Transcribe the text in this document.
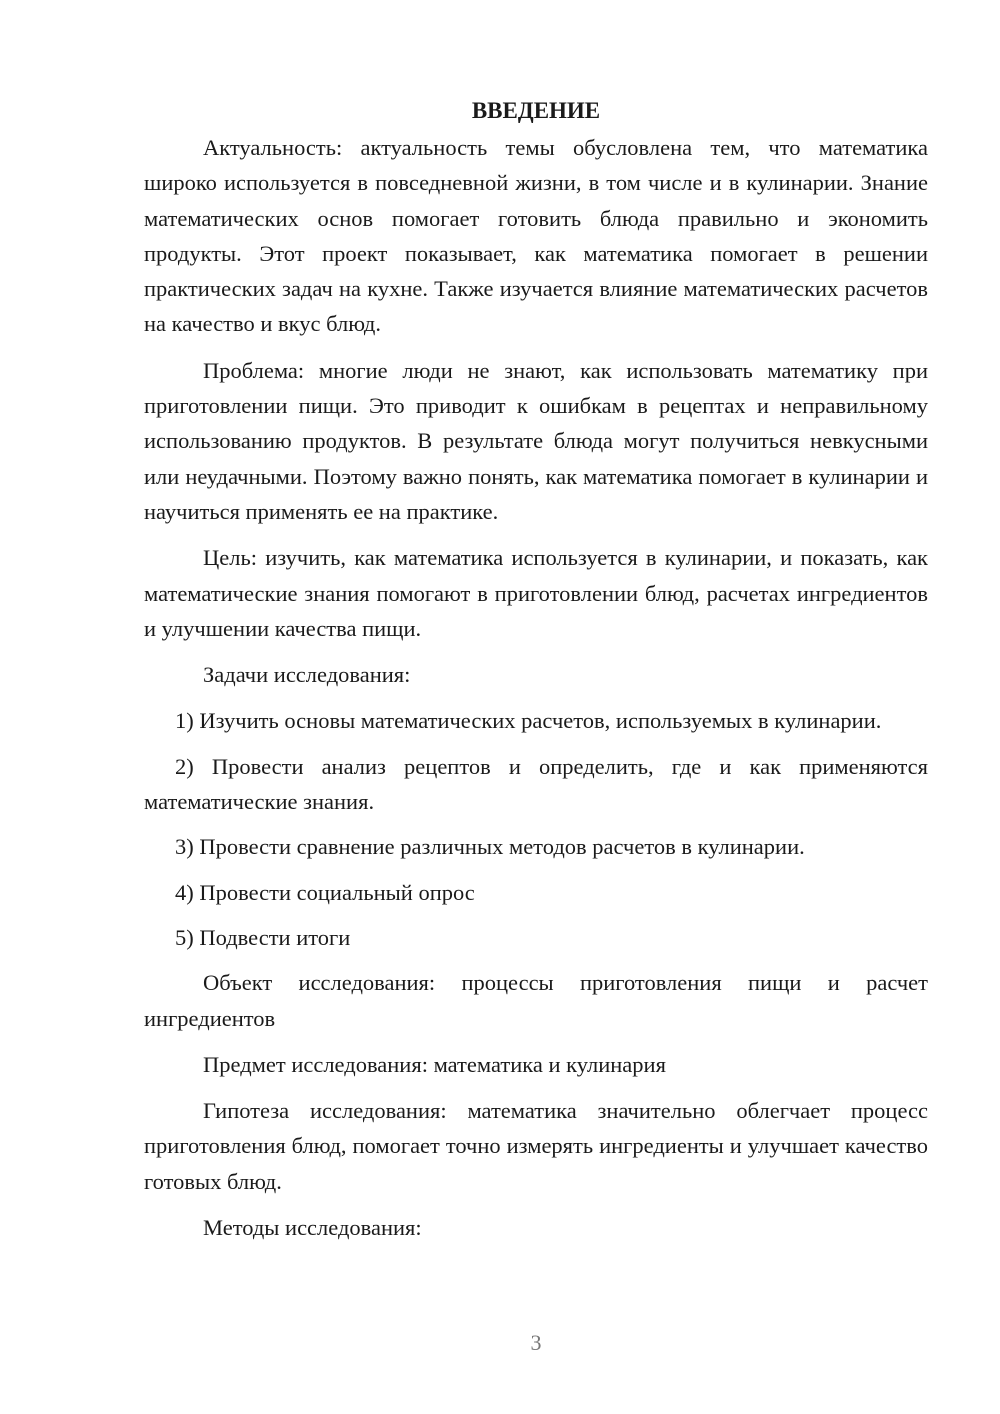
ВВЕДЕНИЕ

Актуальность: актуальность темы обусловлена тем, что математика широко используется в повседневной жизни, в том числе и в кулинарии. Знание математических основ помогает готовить блюда правильно и экономить продукты. Этот проект показывает, как математика помогает в решении практических задач на кухне. Также изучается влияние математических расчетов на качество и вкус блюд.

Проблема: многие люди не знают, как использовать математику при приготовлении пищи. Это приводит к ошибкам в рецептах и неправильному использованию продуктов. В результате блюда могут получиться невкусными или неудачными. Поэтому важно понять, как математика помогает в кулинарии и научиться применять ее на практике.

Цель: изучить, как математика используется в кулинарии, и показать, как математические знания помогают в приготовлении блюд, расчетах ингредиентов и улучшении качества пищи.

Задачи исследования:

1) Изучить основы математических расчетов, используемых в кулинарии.

2) Провести анализ рецептов и определить, где и как применяются математические знания.

3) Провести сравнение различных методов расчетов в кулинарии.

4) Провести социальный опрос

5) Подвести итоги

Объект исследования: процессы приготовления пищи и расчет ингредиентов

Предмет исследования: математика и кулинария

Гипотеза исследования: математика значительно облегчает процесс приготовления блюд, помогает точно измерять ингредиенты и улучшает качество готовых блюд.

Методы исследования:

3
